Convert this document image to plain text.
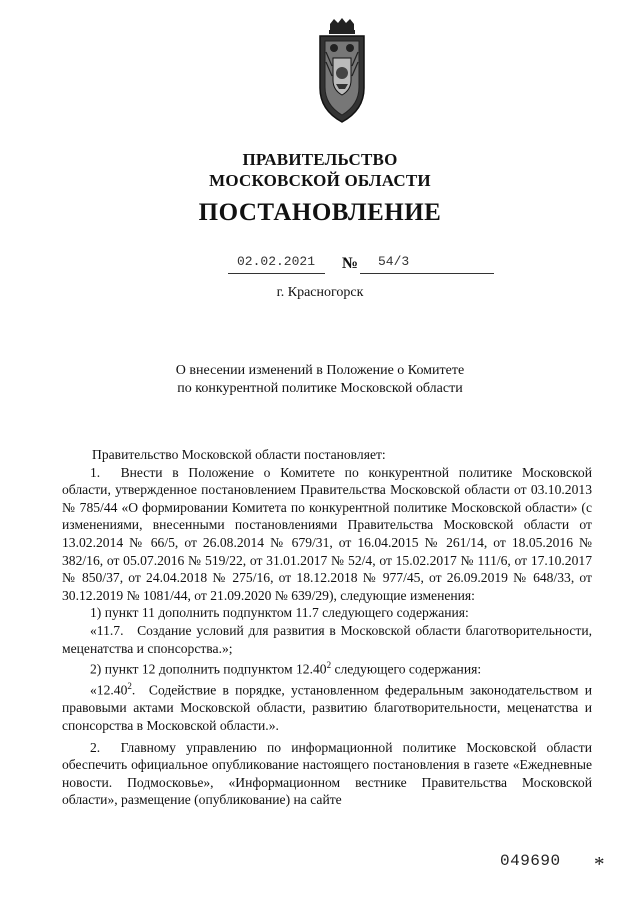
ПРАВИТЕЛЬСТВО
МОСКОВСКОЙ ОБЛАСТИ
ПОСТАНОВЛЕНИЕ
02.02.2021 № 54/3
г. Красногорск
О внесении изменений в Положение о Комитете
по конкурентной политике Московской области
Правительство Московской области постановляет:
1.  Внести в Положение о Комитете по конкурентной политике Московской области, утвержденное постановлением Правительства Московской области от 03.10.2013 № 785/44 «О формировании Комитета по конкурентной политике Московской области» (с изменениями, внесенными постановлениями Правительства Московской области от 13.02.2014 № 66/5, от 26.08.2014 № 679/31, от 16.04.2015 № 261/14, от 18.05.2016 № 382/16, от 05.07.2016 № 519/22, от 31.01.2017 № 52/4, от 15.02.2017 № 111/6, от 17.10.2017 № 850/37, от 24.04.2018 № 275/16, от 18.12.2018 № 977/45, от 26.09.2019 № 648/33, от 30.12.2019 № 1081/44, от 21.09.2020 № 639/29), следующие изменения:
1) пункт 11 дополнить подпунктом 11.7 следующего содержания:
«11.7. Создание условий для развития в Московской области благотворительности, меценатства и спонсорства.»;
2) пункт 12 дополнить подпунктом 12.40$^2$ следующего содержания:
«12.40$^2$. Содействие в порядке, установленном федеральным законодательством и правовыми актами Московской области, развитию благотворительности, меценатства и спонсорства в Московской области.».
2.  Главному управлению по информационной политике Московской области обеспечить официальное опубликование настоящего постановления в газете «Ежедневные новости. Подмосковье», «Информационном вестнике Правительства Московской области», размещение (опубликование) на сайте
049690 *
